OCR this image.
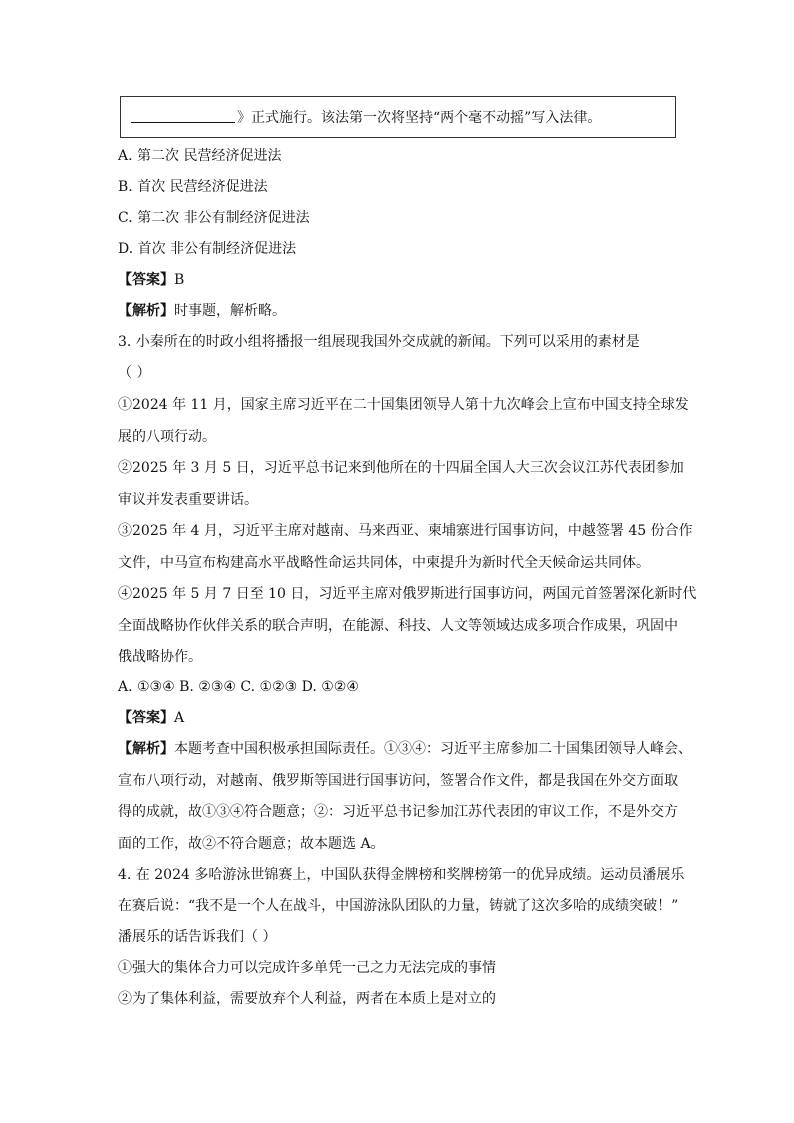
》正式施行。该法第一次将坚持“两个毫不动摇”写入法律。
A. 第二次 民营经济促进法
B. 首次 民营经济促进法
C. 第二次 非公有制经济促进法
D. 首次 非公有制经济促进法
【答案】B
【解析】时事题，解析略。
3. 小秦所在的时政小组将播报一组展现我国外交成就的新闻。下列可以采用的素材是
（ ）
①2024 年 11 月，国家主席习近平在二十国集团领导人第十九次峰会上宣布中国支持全球发
展的八项行动。
②2025 年 3 月 5 日，习近平总书记来到他所在的十四届全国人大三次会议江苏代表团参加
审议并发表重要讲话。
③2025 年 4 月，习近平主席对越南、马来西亚、柬埔寨进行国事访问，中越签署 45 份合作
文件，中马宣布构建高水平战略性命运共同体，中柬提升为新时代全天候命运共同体。
④2025 年 5 月 7 日至 10 日，习近平主席对俄罗斯进行国事访问，两国元首签署深化新时代
全面战略协作伙伴关系的联合声明，在能源、科技、人文等领域达成多项合作成果，巩固中
俄战略协作。
A. ①③④ B. ②③④ C. ①②③ D. ①②④
【答案】A
【解析】本题考查中国积极承担国际责任。①③④：习近平主席参加二十国集团领导人峰会、
宣布八项行动，对越南、俄罗斯等国进行国事访问，签署合作文件，都是我国在外交方面取
得的成就，故①③④符合题意；②：习近平总书记参加江苏代表团的审议工作，不是外交方
面的工作，故②不符合题意；故本题选 A。
4. 在 2024 多哈游泳世锦赛上，中国队获得金牌榜和奖牌榜第一的优异成绩。运动员潘展乐
在赛后说：“我不是一个人在战斗，中国游泳队团队的力量，铸就了这次多哈的成绩突破！”
潘展乐的话告诉我们（ ）
①强大的集体合力可以完成许多单凭一己之力无法完成的事情
②为了集体利益，需要放弃个人利益，两者在本质上是对立的
